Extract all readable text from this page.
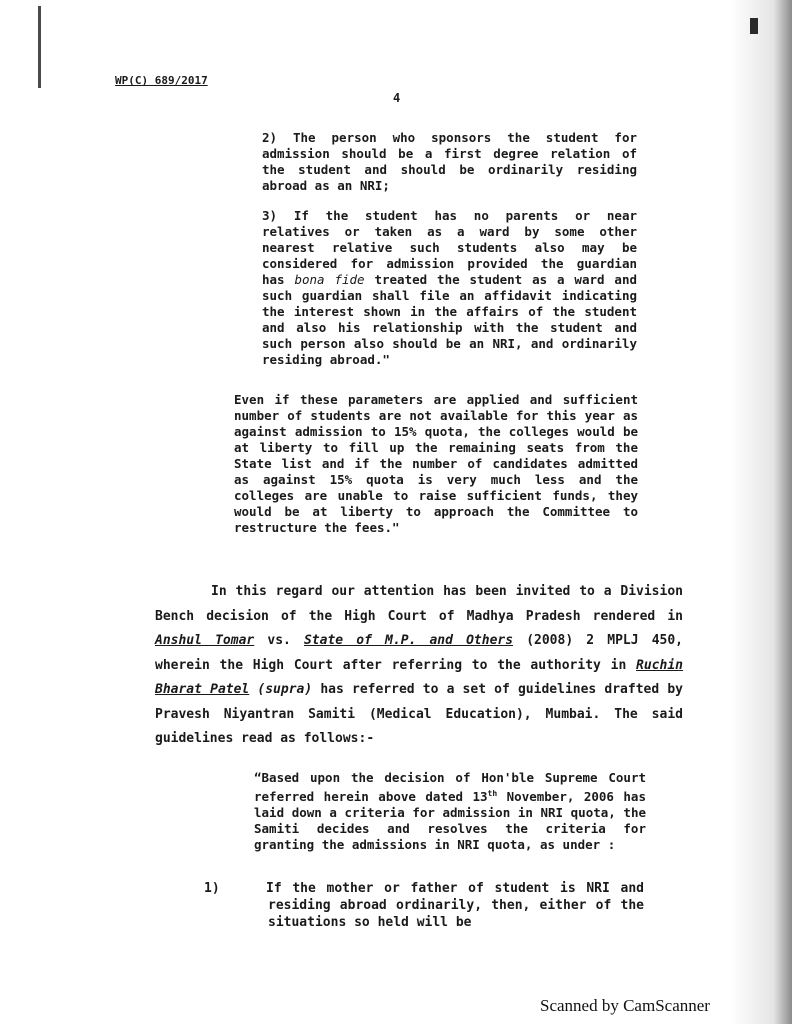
WP(C) 689/2017
4

2) The person who sponsors the student for admission should be a first degree relation of the student and should be ordinarily residing abroad as an NRI;

3) If the student has no parents or near relatives or taken as a ward by some other nearest relative such students also may be considered for admission provided the guardian has bona fide treated the student as a ward and such guardian shall file an affidavit indicating the interest shown in the affairs of the student and also his relationship with the student and such person also should be an NRI, and ordinarily residing abroad."

Even if these parameters are applied and sufficient number of students are not available for this year as against admission to 15% quota, the colleges would be at liberty to fill up the remaining seats from the State list and if the number of candidates admitted as against 15% quota is very much less and the colleges are unable to raise sufficient funds, they would be at liberty to approach the Committee to restructure the fees."

In this regard our attention has been invited to a Division Bench decision of the High Court of Madhya Pradesh rendered in Anshul Tomar vs. State of M.P. and Others (2008) 2 MPLJ 450, wherein the High Court after referring to the authority in Ruchin Bharat Patel (supra) has referred to a set of guidelines drafted by Pravesh Niyantran Samiti (Medical Education), Mumbai. The said guidelines read as follows:-

“Based upon the decision of Hon'ble Supreme Court referred herein above dated 13th November, 2006 has laid down a criteria for admission in NRI quota, the Samiti decides and resolves the criteria for granting the admissions in NRI quota, as under :

1)	If the mother or father of student is NRI and residing abroad ordinarily, then, either of the situations so held will be

Scanned by CamScanner
